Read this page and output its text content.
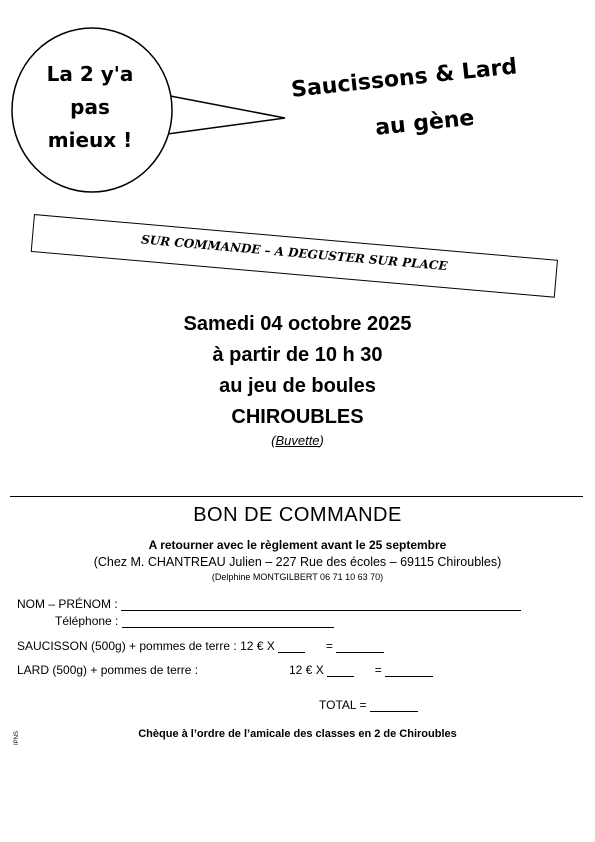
La 2 y'a pas mieux !
Saucissons & Lard
au gène
SUR COMMANDE – A DEGUSTER SUR PLACE
Samedi 04 octobre 2025
à partir de 10 h 30
au jeu de boules
CHIROUBLES
(Buvette)
BON DE COMMANDE
A retourner avec le règlement avant le 25 septembre
(Chez M. CHANTREAU Julien – 227 Rue des écoles – 69115 Chiroubles)
(Delphine MONTGILBERT 06 71 10 63 70)
NOM – PRÉNOM :
Téléphone :
SAUCISSON (500g) + pommes de terre : 12 € X	=
LARD (500g) + pommes de terre :	12 € X	=
TOTAL =
Chèque à l’ordre de l’amicale des classes en 2 de Chiroubles
IPNS
